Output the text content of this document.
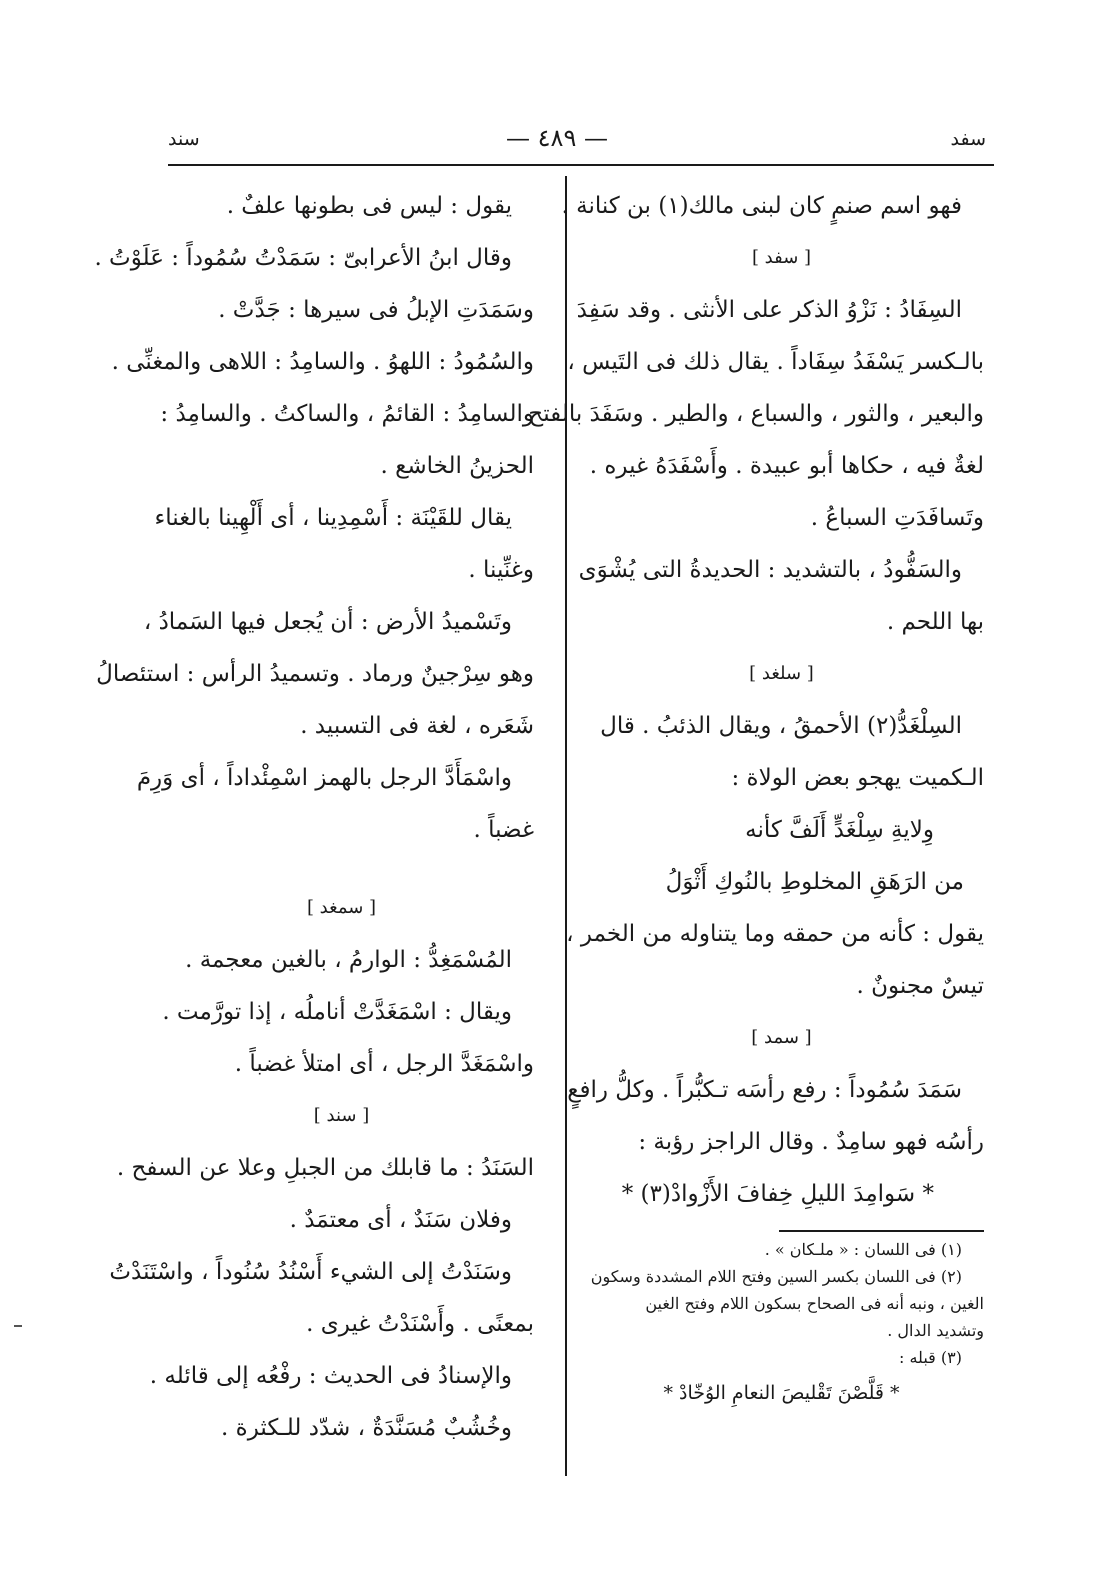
سفد
— ٤٨٩ —
سند
فهو اسم صنمٍ كان لبنى مالك(١) بن كنانة .
[ سفد ]
السِفَادُ : نَزْوُ الذكر على الأنثى . وقد سَفِدَ
بالـكسر يَسْفَدُ سِفَاداً . يقال ذلك فى التَيس ،
والبعير ، والثور ، والسباع ، والطير . وسَفَدَ بالفتح
لغةٌ فيه ، حكاها أبو عبيدة . وأَسْفَدَهُ غيره .
وتَسافَدَتِ السباعُ .
والسَفُّودُ ، بالتشديد : الحديدةُ التى يُشْوَى
بها اللحم .
[ سلغد ]
السِلْغَدُّ(٢) الأحمقُ ، ويقال الذئبُ . قال
الـكميت يهجو بعض الولاة :
وِلايةِ سِلْغَدٍّ أَلَفَّ كأنه
من الرَهَقِ المخلوطِ بالنُوكِ أَثْوَلُ
يقول : كأنه من حمقه وما يتناوله من الخمر ،
تيسٌ مجنونٌ .
[ سمد ]
سَمَدَ سُمُوداً : رفع رأسَه تـكبُّراً . وكلُّ رافعٍ
رأسُه فهو سامِدٌ . وقال الراجز رؤبة :
* سَوامِدَ الليلِ خِفافَ الأَزْوادْ(٣) *
(١) فى اللسان : « ملـكان » .
(٢) فى اللسان بكسر السين وفتح اللام المشددة وسكون
الغين ، ونبه أنه فى الصحاح بسكون اللام وفتح الغين
وتشديد الدال .
(٣) قبله :
* قَلَّصْنَ تَقْليصَ النعامِ الوُخّادْ *
يقول : ليس فى بطونها علفٌ .
وقال ابنُ الأعرابىّ : سَمَدْتُ سُمُوداً : عَلَوْتُ .
وسَمَدَتِ الإبلُ فى سيرها : جَدَّتْ .
والسُمُودُ : اللهوُ . والسامِدُ : اللاهى والمغنِّى .
والسامِدُ : القائمُ ، والساكتُ . والسامِدُ :
الحزينُ الخاشع .
يقال للقَيْنَة : أَسْمِدِينا ، أى أَلْهِينا بالغناء
وغنِّينا .
وتَسْميدُ الأرض : أن يُجعل فيها السَمادُ ،
وهو سِرْجينٌ ورماد . وتسميدُ الرأس : استئصالُ
شَعَره ، لغة فى التسبيد .
واسْمَأَدَّ الرجل بالهمز اسْمِئْداداً ، أى وَرِمَ
غضباً .
[ سمغد ]
المُسْمَغِدُّ : الوارمُ ، بالغين معجمة .
ويقال : اسْمَغَدَّتْ أناملُه ، إذا تورَّمت .
واسْمَغَدَّ الرجل ، أى امتلأ غضباً .
[ سند ]
السَنَدُ : ما قابلك من الجبلِ وعلا عن السفح .
وفلان سَنَدٌ ، أى معتمَدٌ .
وسَنَدْتُ إلى الشيء أَسْنُدُ سُنُوداً ، واسْتَنَدْتُ
بمعنًى . وأَسْنَدْتُ غيرى .
والإسنادُ فى الحديث : رفْعُه إلى قائله .
وخُشُبٌ مُسَنَّدَةٌ ، شدّد للـكثرة .
